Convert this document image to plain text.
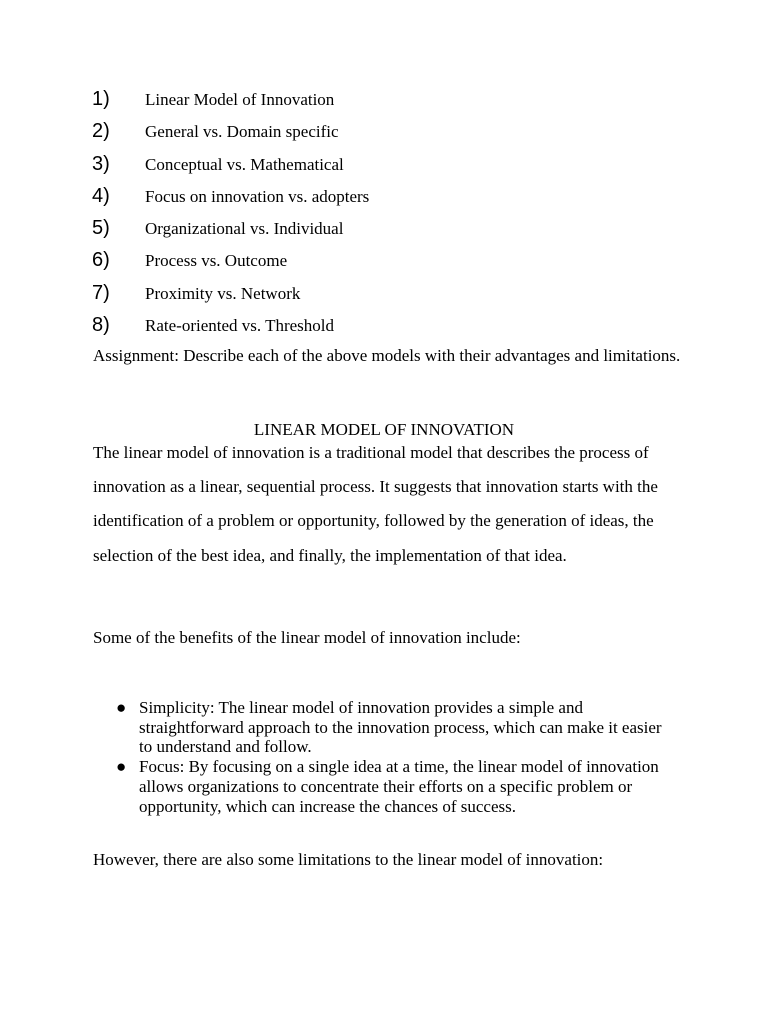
1)	Linear Model of Innovation
2)	General vs. Domain specific
3)	Conceptual vs. Mathematical
4)	Focus on innovation vs. adopters
5)	Organizational vs. Individual
6)	Process vs. Outcome
7)	Proximity vs. Network
8)	Rate-oriented vs. Threshold

Assignment: Describe each of the above models with their advantages and limitations.

LINEAR MODEL OF INNOVATION

The linear model of innovation is a traditional model that describes the process of innovation as a linear, sequential process. It suggests that innovation starts with the identification of a problem or opportunity, followed by the generation of ideas, the selection of the best idea, and finally, the implementation of that idea.

Some of the benefits of the linear model of innovation include:

● Simplicity: The linear model of innovation provides a simple and straightforward approach to the innovation process, which can make it easier to understand and follow.
● Focus: By focusing on a single idea at a time, the linear model of innovation allows organizations to concentrate their efforts on a specific problem or opportunity, which can increase the chances of success.

However, there are also some limitations to the linear model of innovation:
